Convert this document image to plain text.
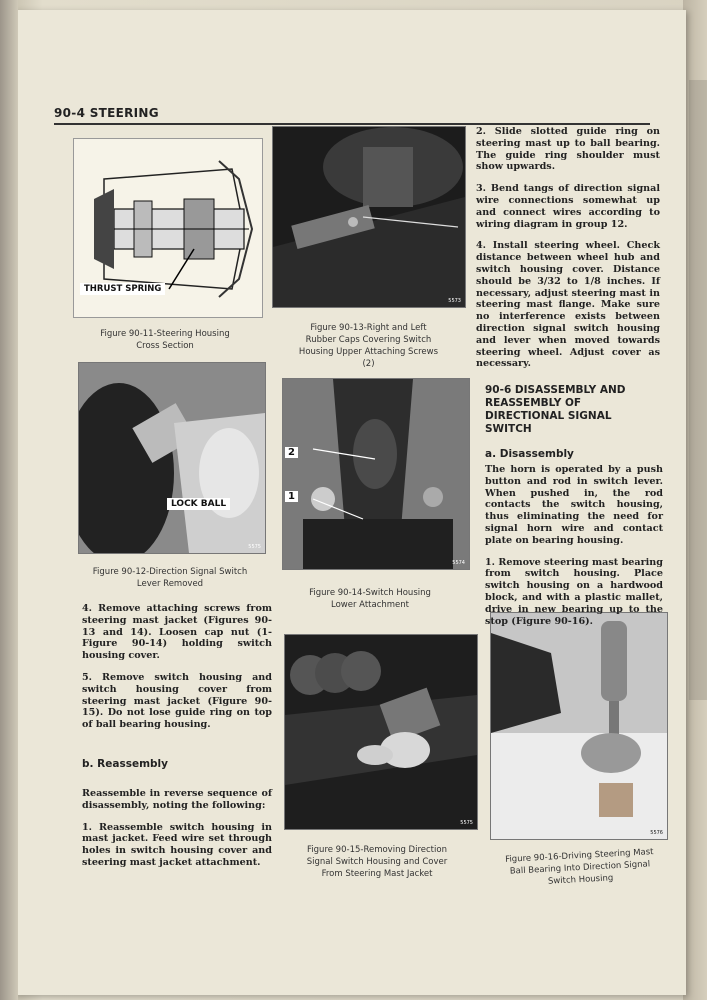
90-4 STEERING
THRUST SPRING
Figure 90-11-Steering Housing Cross Section
5573
Figure 90-13-Right and Left Rubber Caps Covering Switch Housing Upper Attaching Screws (2)
LOCK BALL
5575
Figure 90-12-Direction Signal Switch Lever Removed
2
1
5574
Figure 90-14-Switch Housing Lower Attachment
5575
Figure 90-15-Removing Direction Signal Switch Housing and Cover From Steering Mast Jacket
5576
Figure 90-16-Driving Steering Mast Ball Bearing Into Direction Signal Switch Housing

4. Remove attaching screws from steering mast jacket (Figures 90-13 and 14). Loosen cap nut (1-Figure 90-14) holding switch housing cover.

5. Remove switch housing and switch housing cover from steering mast jacket (Figure 90-15). Do not lose guide ring on top of ball bearing housing.

b. Reassembly

Reassemble in reverse sequence of disassembly, noting the following:

1. Reassemble switch housing in mast jacket. Feed wire set through holes in switch housing cover and steering mast jacket attachment.

2. Slide slotted guide ring on steering mast up to ball bearing. The guide ring shoulder must show upwards.

3. Bend tangs of direction signal wire connections somewhat up and connect wires according to wiring diagram in group 12.

4. Install steering wheel. Check distance between wheel hub and switch housing cover. Distance should be 3/32 to 1/8 inches. If necessary, adjust steering mast in steering mast flange. Make sure no interference exists between direction signal switch housing and lever when moved towards steering wheel. Adjust cover as necessary.

90-6 DISASSEMBLY AND REASSEMBLY OF DIRECTIONAL SIGNAL SWITCH
a. Disassembly

The horn is operated by a push button and rod in switch lever. When pushed in, the rod contacts the switch housing, thus eliminating the need for signal horn wire and contact plate on bearing housing.

1. Remove steering mast bearing from switch housing. Place switch housing on a hardwood block, and with a plastic mallet, drive in new bearing up to the stop (Figure 90-16).
